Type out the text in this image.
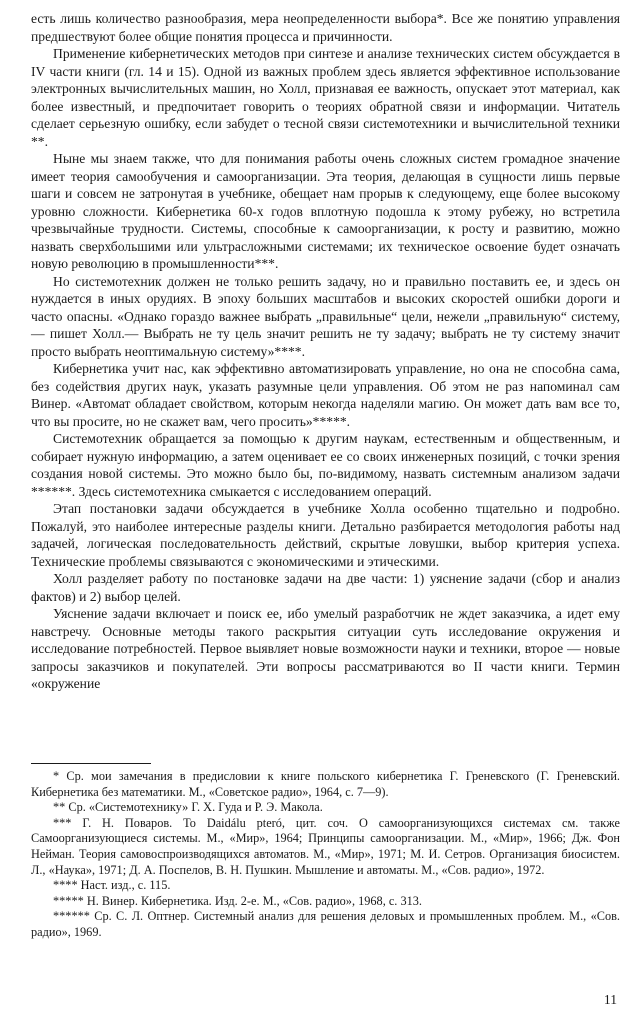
есть лишь количество разнообразия, мера неопределенности выбора*. Все же понятию управления предшествуют более общие понятия процесса и причинности.

Применение кибернетических методов при синтезе и анализе технических систем обсуждается в IV части книги (гл. 14 и 15). Одной из важных проблем здесь является эффективное использование электронных вычислительных машин, но Холл, признавая ее важность, опускает этот материал, как более известный, и предпочитает говорить о теориях обратной связи и информации. Читатель сделает серьезную ошибку, если забудет о тесной связи системотехники и вычислительной техники **.

Ныне мы знаем также, что для понимания работы очень сложных систем громадное значение имеет теория самообучения и самоорганизации. Эта теория, делающая в сущности лишь первые шаги и совсем не затронутая в учебнике, обещает нам прорыв к следующему, еще более высокому уровню сложности. Кибернетика 60-х годов вплотную подошла к этому рубежу, но встретила чрезвычайные трудности. Системы, способные к самоорганизации, к росту и развитию, можно назвать сверхбольшими или ультрасложными системами; их техническое освоение будет означать новую революцию в промышленности***.

Но системотехник должен не только решить задачу, но и правильно поставить ее, и здесь он нуждается в иных орудиях. В эпоху больших масштабов и высоких скоростей ошибки дороги и часто опасны. «Однако гораздо важнее выбрать „правильные“ цели, нежели „правильную“ систему,— пишет Холл.— Выбрать не ту цель значит решить не ту задачу; выбрать не ту систему значит просто выбрать неоптимальную систему»****.

Кибернетика учит нас, как эффективно автоматизировать управление, но она не способна сама, без содействия других наук, указать разумные цели управления. Об этом не раз напоминал сам Винер. «Автомат обладает свойством, которым некогда наделяли магию. Он может дать вам все то, что вы просите, но не скажет вам, чего просить»*****.

Системотехник обращается за помощью к другим наукам, естественным и общественным, и собирает нужную информацию, а затем оценивает ее со своих инженерных позиций, с точки зрения создания новой системы. Это можно было бы, по-видимому, назвать системным анализом задачи ******. Здесь системотехника смыкается с исследованием операций.

Этап постановки задачи обсуждается в учебнике Холла особенно тщательно и подробно. Пожалуй, это наиболее интересные разделы книги. Детально разбирается методология работы над задачей, логическая последовательность действий, скрытые ловушки, выбор критерия успеха. Технические проблемы связываются с экономическими и этическими.

Холл разделяет работу по постановке задачи на две части: 1) уяснение задачи (сбор и анализ фактов) и 2) выбор целей.

Уяснение задачи включает и поиск ее, ибо умелый разработчик не ждет заказчика, а идет ему навстречу. Основные методы такого раскрытия ситуации суть исследование окружения и исследование потребностей. Первое выявляет новые возможности науки и техники, второе — новые запросы заказчиков и покупателей. Эти вопросы рассматриваются во II части книги. Термин «окружение

* Ср. мои замечания в предисловии к книге польского кибернетика Г. Греневского (Г. Греневский. Кибернетика без математики. М., «Советское радио», 1964, с. 7—9).

** Ср. «Системотехнику» Г. Х. Гуда и Р. Э. Макола.

*** Г. Н. Поваров. To Daidálu pteró, цит. соч. О самоорганизующихся системах см. также Самоорганизующиеся системы. М., «Мир», 1964; Принципы самоорганизации. М., «Мир», 1966; Дж. Фон Нейман. Теория самовоспроизводящихся автоматов. М., «Мир», 1971; М. И. Сетров. Организация биосистем. Л., «Наука», 1971; Д. А. Поспелов, В. Н. Пушкин. Мышление и автоматы. М., «Сов. радио», 1972.

**** Наст. изд., с. 115.

***** Н. Винер. Кибернетика. Изд. 2-е. М., «Сов. радио», 1968, с. 313.

****** Ср. С. Л. Оптнер. Системный анализ для решения деловых и промышленных проблем. М., «Сов. радио», 1969.

11
